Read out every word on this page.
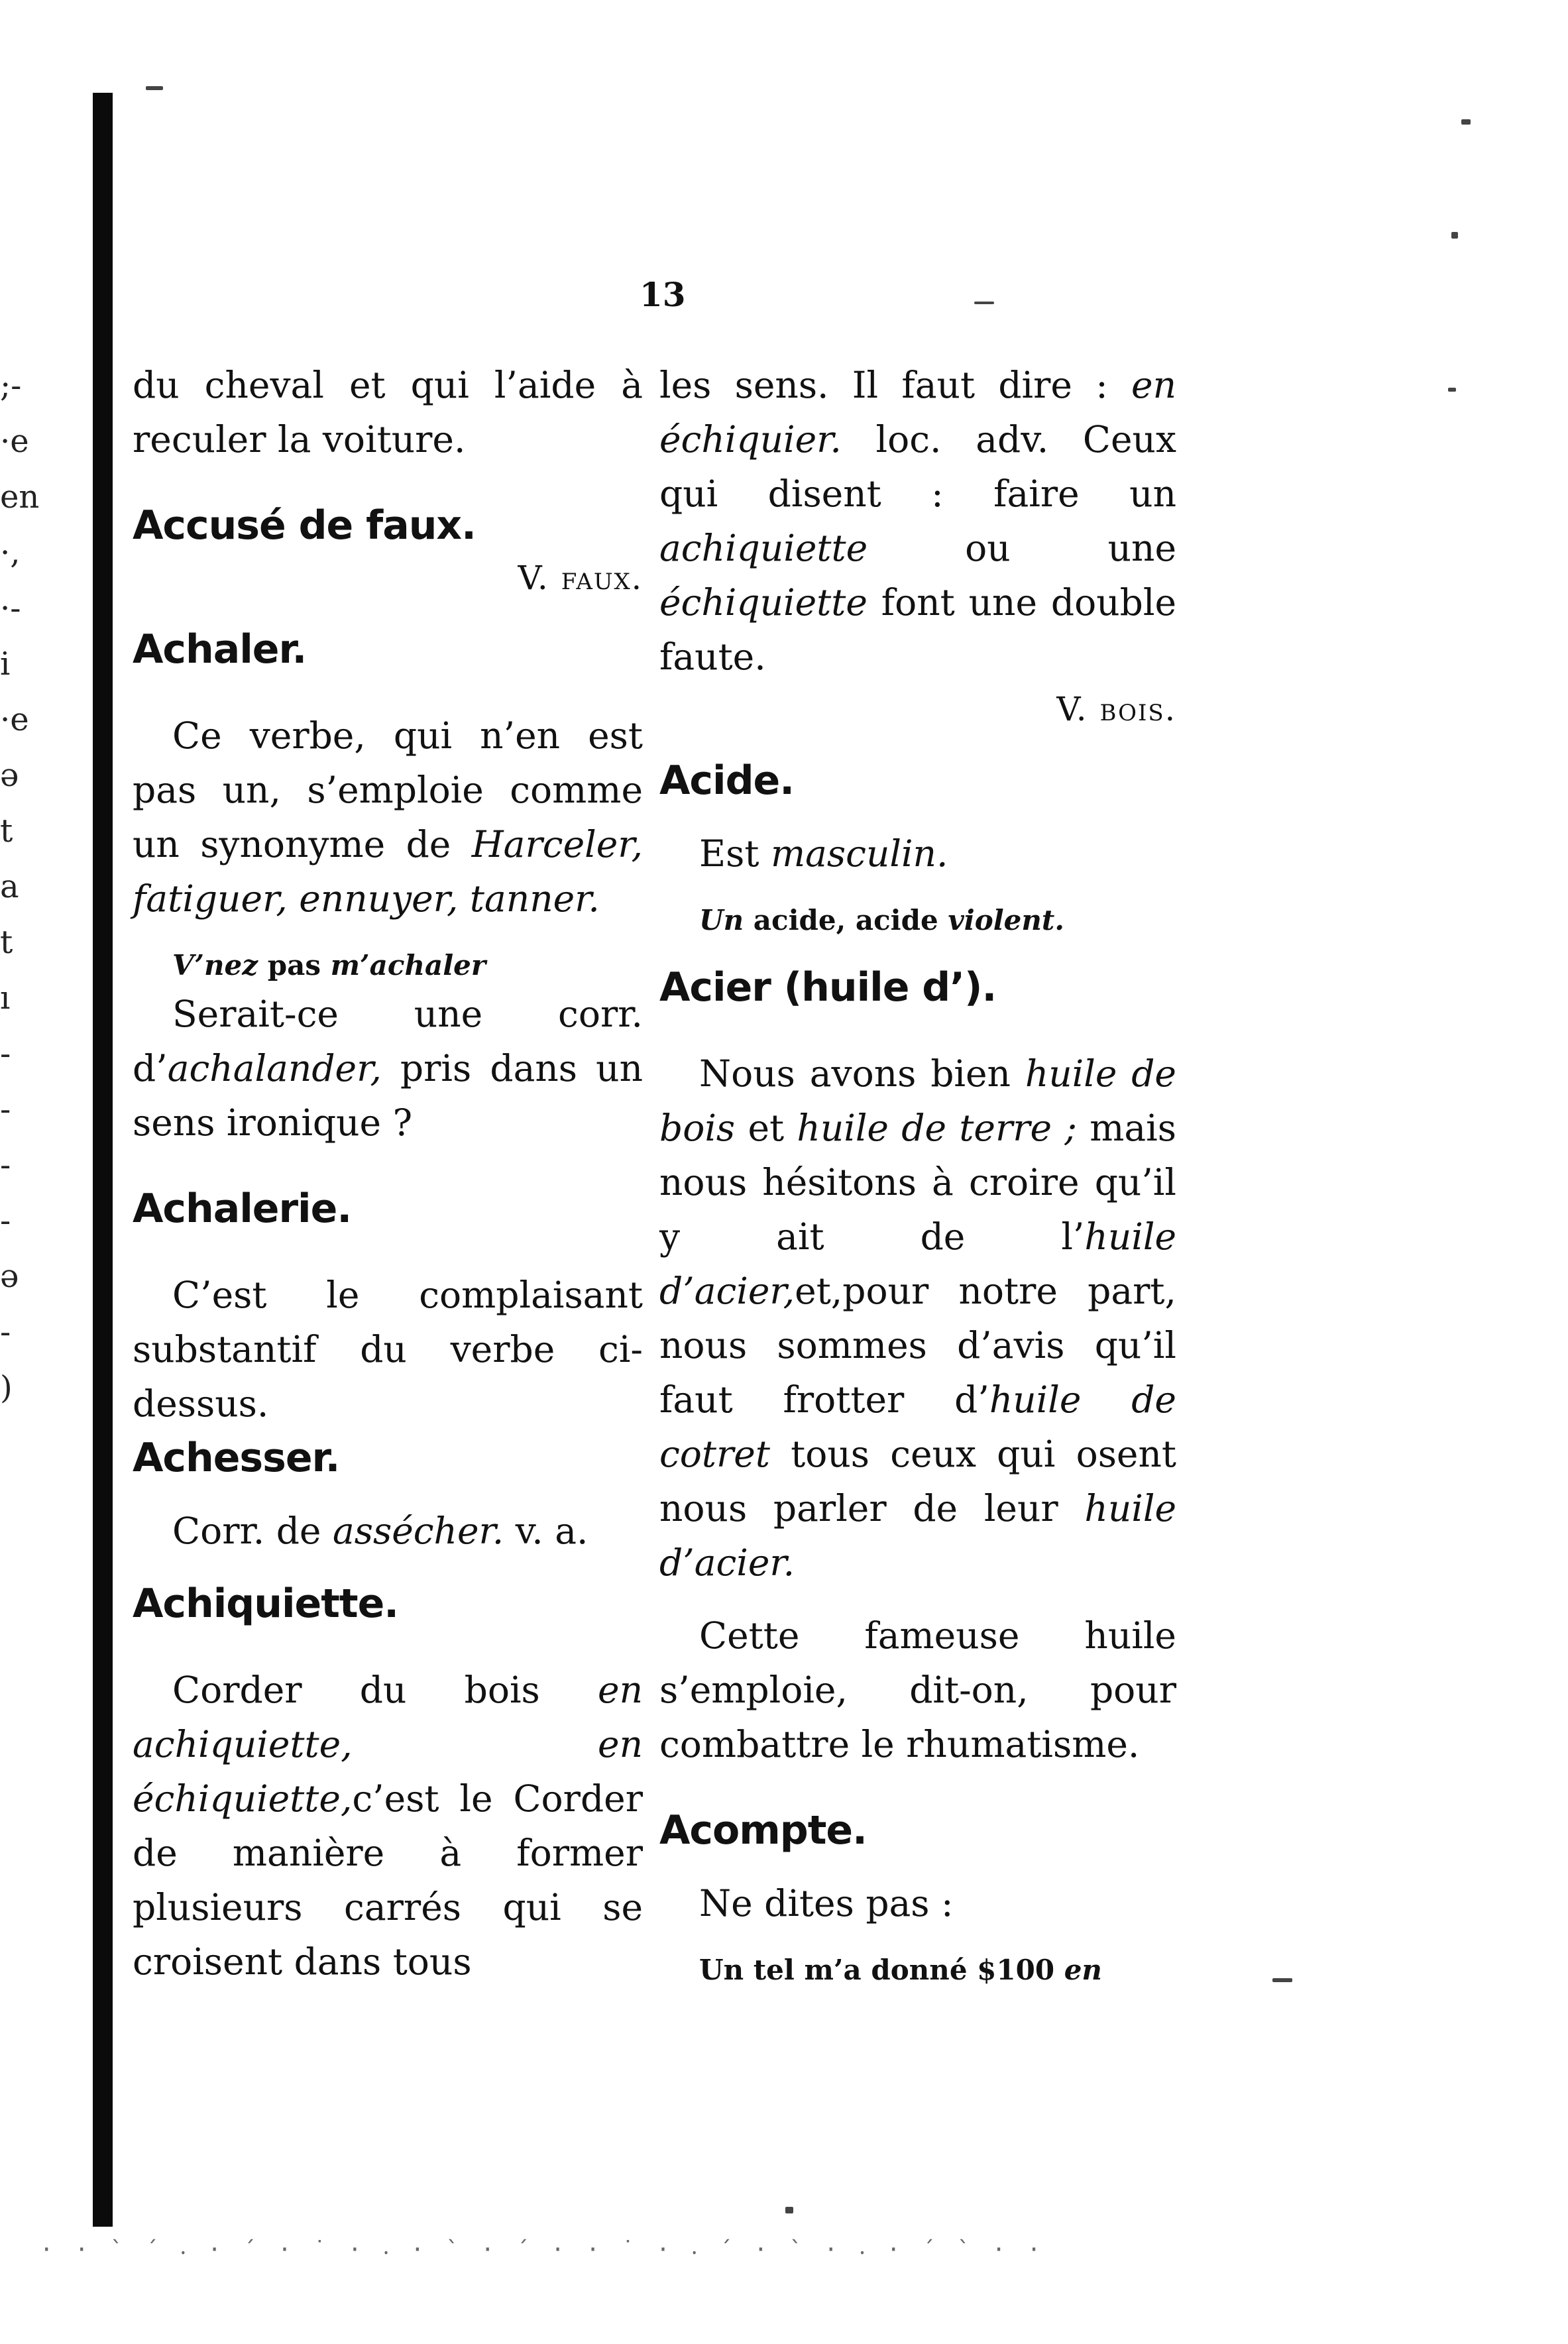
;-
·e
en
·,
·-
i
·e
ǝ
t
a
t
ı
-
-
-
-
ǝ
-
)
· · ` ´ ⸳ · ´ · ˙ · ⸳ · ` · ´ · · ˙ · ⸳ ´ · ` · ⸳ · ´ ` · ·
13

du cheval et qui l’aide à reculer la voiture.

Accusé de faux.

V. faux.

Achaler.

Ce verbe, qui n’en est pas un, s’emploie comme un synonyme de Harceler, fatiguer, ennuyer, tanner.

V’nez pas m’achaler

Serait-ce une corr. d’achalander, pris dans un sens ironique ?

Achalerie.

C’est le complaisant substantif du verbe ci-dessus.

Achesser.

Corr. de assécher. v. a.

Achiquiette.

Corder du bois en achiquiette, en échiquiette,c’est le Corder de manière à former plusieurs carrés qui se croisent dans tous

les sens. Il faut dire : en échiquier. loc. adv. Ceux qui disent : faire un achiquiette ou une échiquiette font une double faute.

V. bois.

Acide.

Est masculin.

Un acide, acide violent.

Acier (huile d’).

Nous avons bien huile de bois et huile de terre ; mais nous hésitons à croire qu’il y ait de l’huile d’acier,et,pour notre part, nous sommes d’avis qu’il faut frotter d’huile de cotret tous ceux qui osent nous parler de leur huile d’acier.

Cette fameuse huile s’emploie, dit-on, pour combattre le rhumatisme.

Acompte.

Ne dites pas :

Un tel m’a donné $100 en
